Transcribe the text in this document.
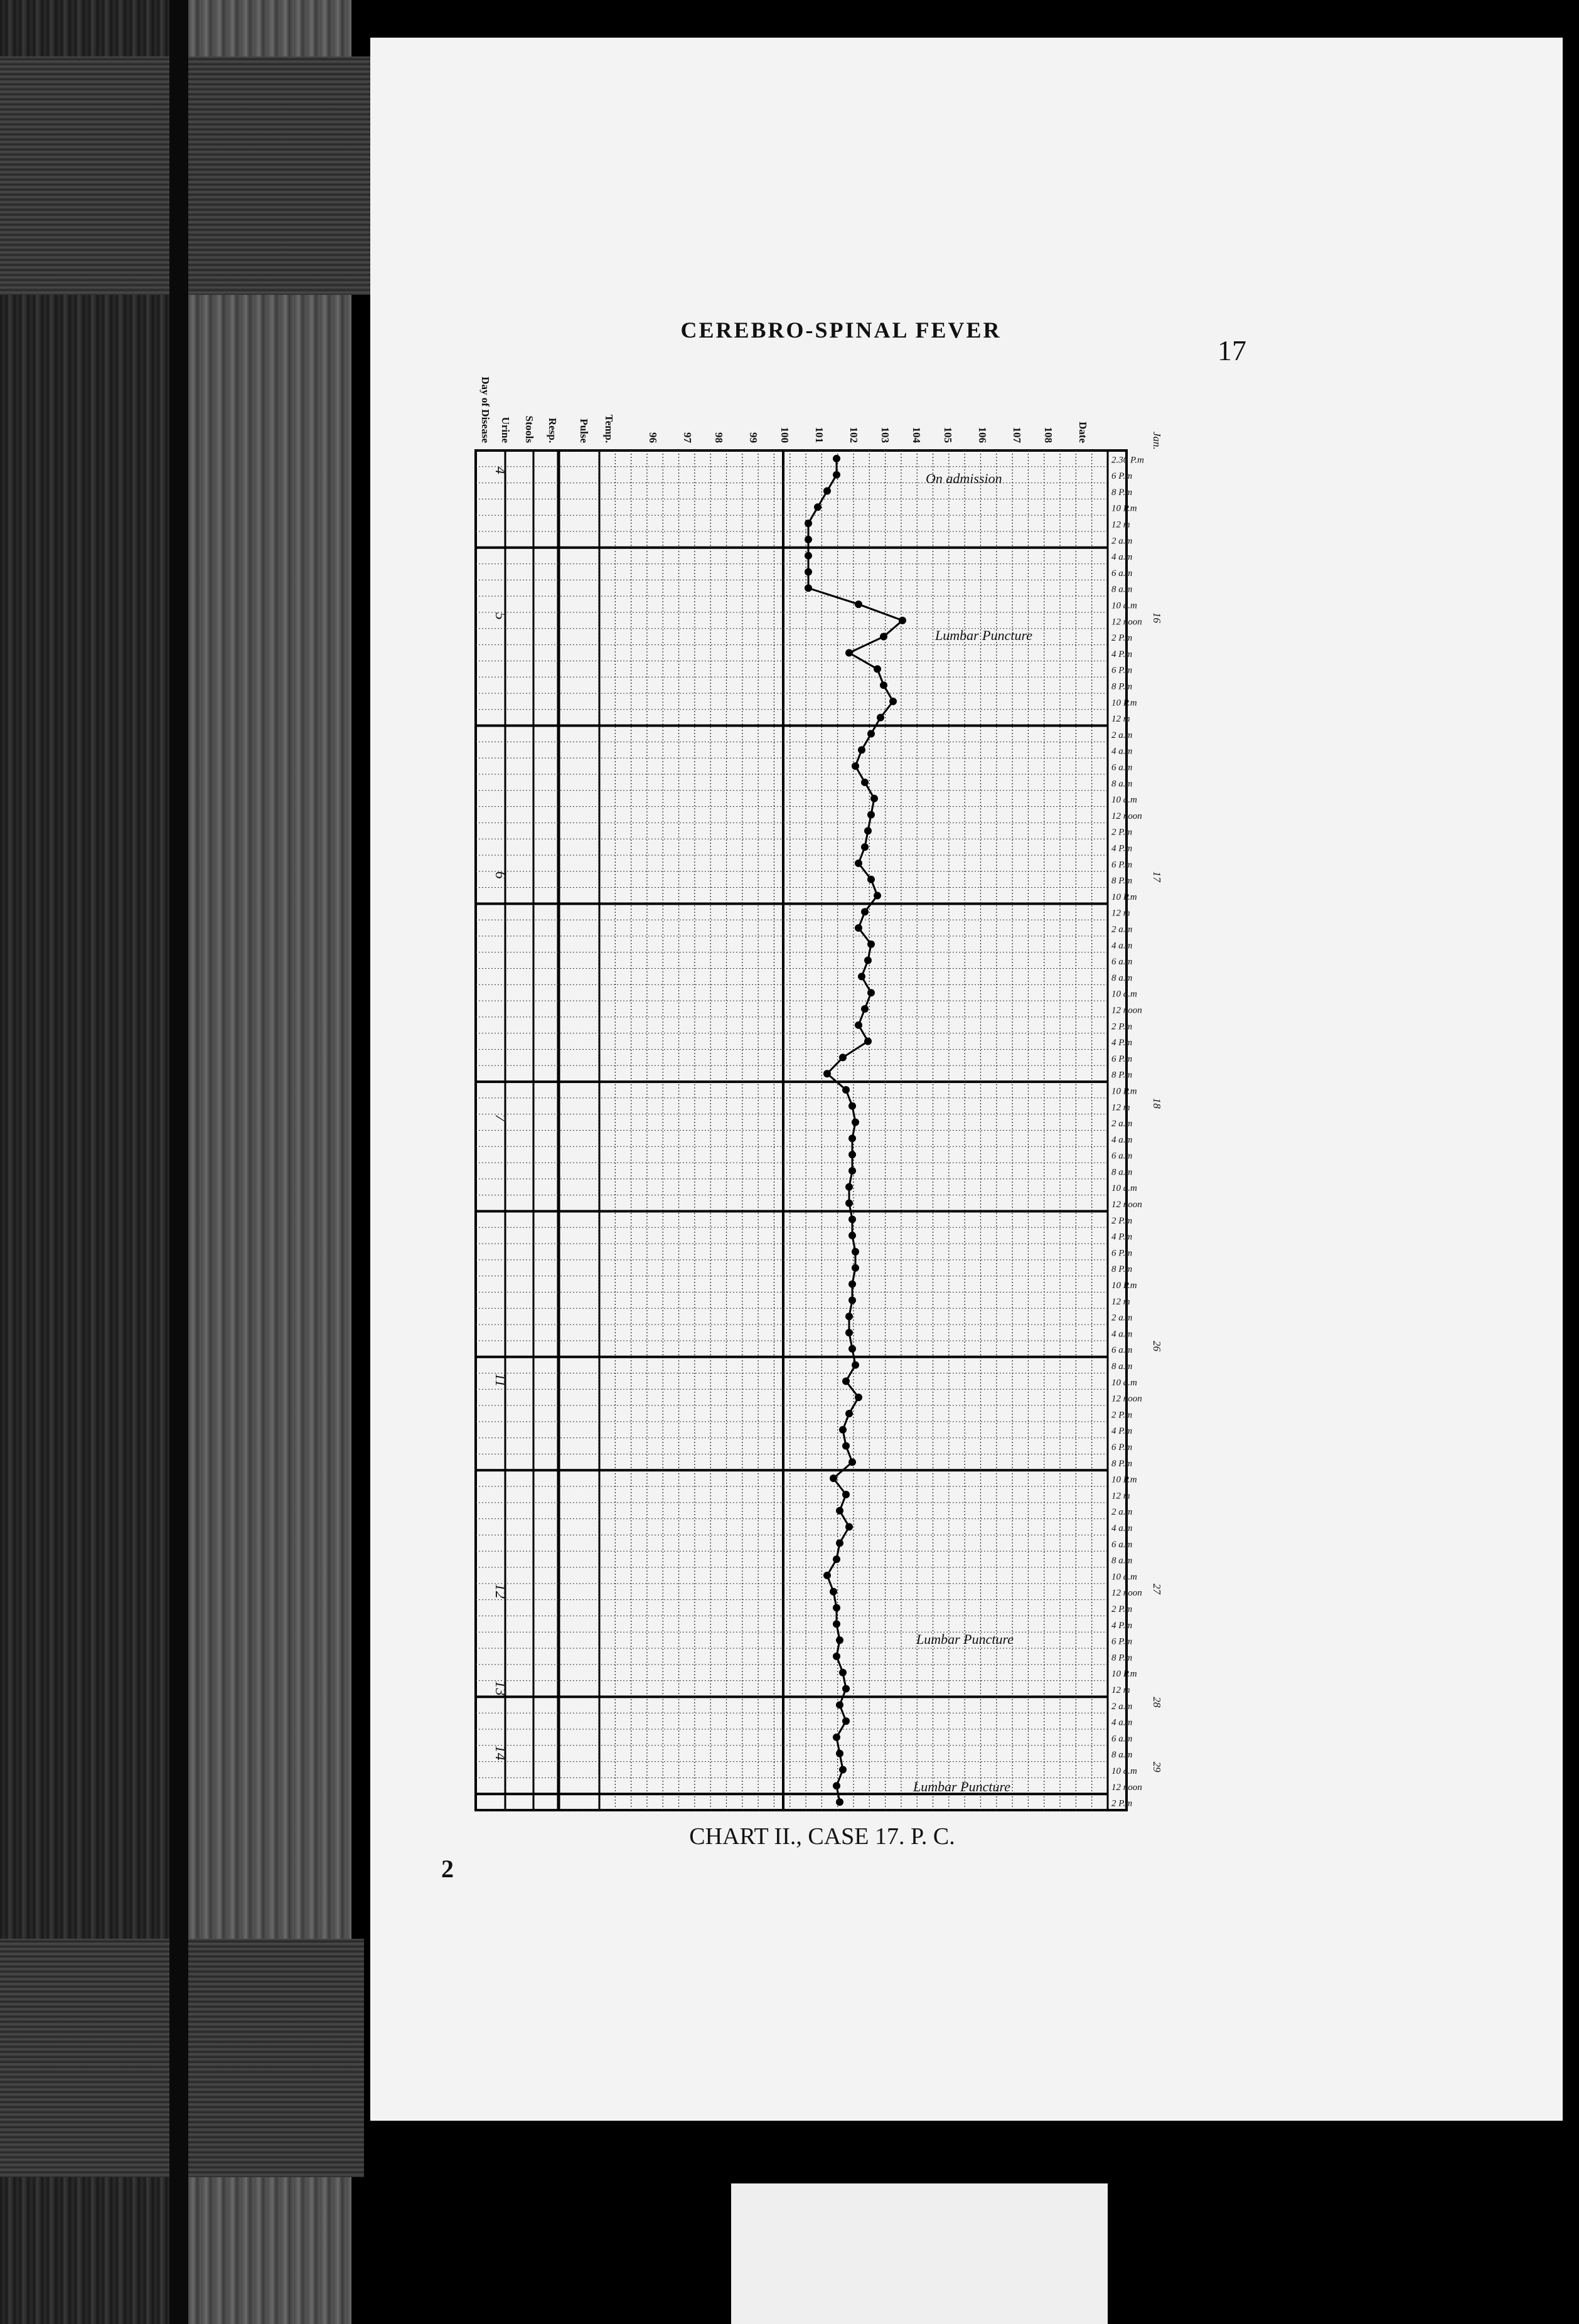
CEREBRO-SPINAL FEVER
17
Day of Disease Urine Stools Resp. Pulse Temp.	96 97 98 99 100 101 102 103 104 105 106 107 108 Date
2.30 P.m
6 P.m
8 P.m
10 P.m
12 m
2 a.m
4 a.m
6 a.m
8 a.m
10 a.m
12 noon
2 P.m
4 P.m
6 P.m
8 P.m
10 P.m
12 m
2 a.m
4 a.m
6 a.m
8 a.m
10 a.m
12 noon
2 P.m
4 P.m
6 P.m
8 P.m
10 P.m
12 m
2 a.m
4 a.m
6 a.m
8 a.m
10 a.m
12 noon
2 P.m
4 P.m
6 P.m
8 P.m
10 P.m
12 m
2 a.m
4 a.m
6 a.m
8 a.m
10 a.m
12 noon
2 P.m
4 P.m
6 P.m
8 P.m
10 P.m
12 m
2 a.m
4 a.m
6 a.m
8 a.m
10 a.m
12 noon
2 P.m
4 P.m
6 P.m
8 P.m
10 P.m
12 m
2 a.m
4 a.m
6 a.m
8 a.m
10 a.m
12 noon
2 P.m
4 P.m
6 P.m
8 P.m
10 P.m
12 m
2 a.m
4 a.m
6 a.m
8 a.m
10 a.m
12 noon
2 P.m
4
5
6
7
11
12
13
14
Jan.
16
17
18
26
27
28
29
On admission
Lumbar Puncture
Lumbar Puncture
Lumbar Puncture
CHART II., CASE 17. P. C.
2
